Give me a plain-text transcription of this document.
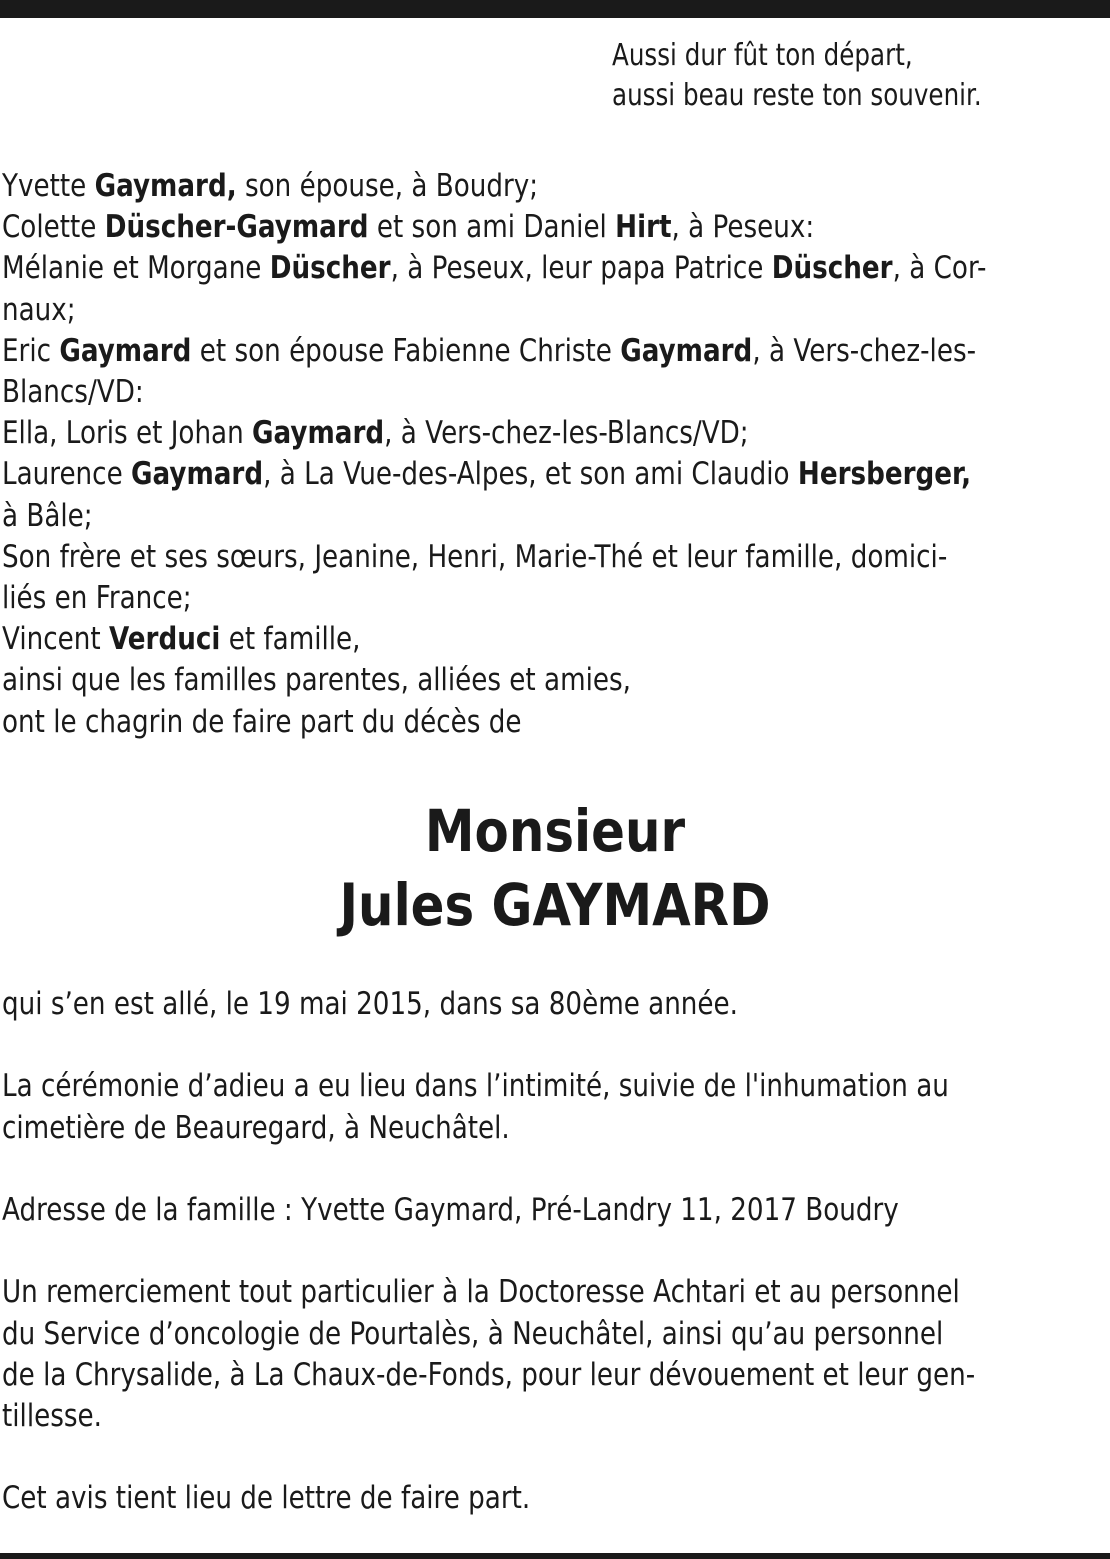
Aussi dur fût ton départ,
aussi beau reste ton souvenir.
Yvette Gaymard, son épouse, à Boudry;
Colette Düscher-Gaymard et son ami Daniel Hirt, à Peseux:
Mélanie et Morgane Düscher, à Peseux, leur papa Patrice Düscher, à Cor-
naux;
Eric Gaymard et son épouse Fabienne Christe Gaymard, à Vers-chez-les-
Blancs/VD:
Ella, Loris et Johan Gaymard, à Vers-chez-les-Blancs/VD;
Laurence Gaymard, à La Vue-des-Alpes, et son ami Claudio Hersberger,
à Bâle;
Son frère et ses sœurs, Jeanine, Henri, Marie-Thé et leur famille, domici-
liés en France;
Vincent Verduci et famille,
ainsi que les familles parentes, alliées et amies,
ont le chagrin de faire part du décès de
Monsieur
Jules GAYMARD
qui s’en est allé, le 19 mai 2015, dans sa 80ème année.
La cérémonie d’adieu a eu lieu dans l’intimité, suivie de l'inhumation au
cimetière de Beauregard, à Neuchâtel.
Adresse de la famille : Yvette Gaymard, Pré-Landry 11, 2017 Boudry
Un remerciement tout particulier à la Doctoresse Achtari et au personnel
du Service d’oncologie de Pourtalès, à Neuchâtel, ainsi qu’au personnel
de la Chrysalide, à La Chaux-de-Fonds, pour leur dévouement et leur gen-
tillesse.
Cet avis tient lieu de lettre de faire part.
